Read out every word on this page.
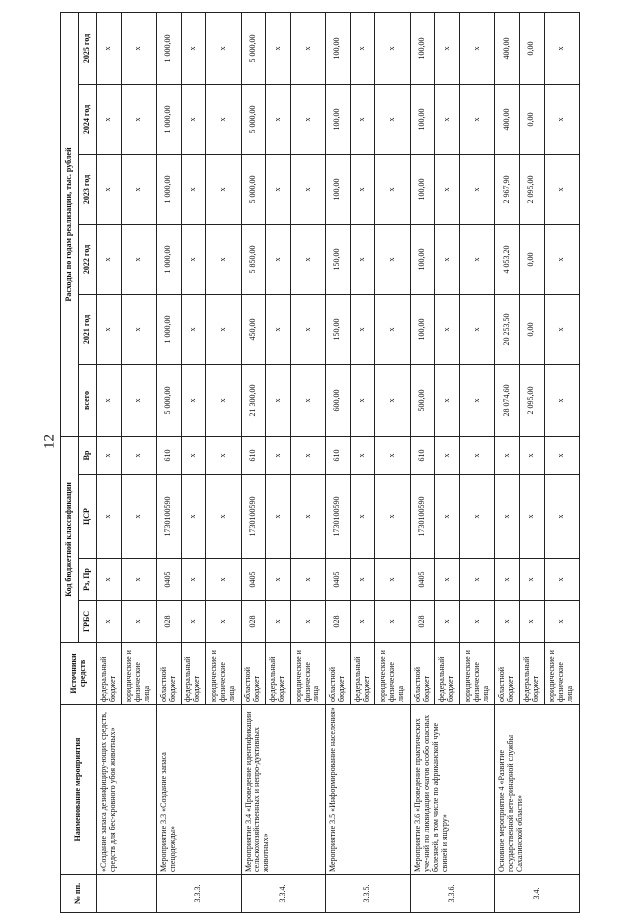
12
№ пп.	Наименование мероприятия	Источники средств	Код бюджетной классификации				Расходы по годам реализации, тыс. рублей					
			ГРБС	Рз, Пр	ЦСР	Вр	всего	2021 год	2022 год	2023 год	2024 год	2025 год
	«Создание запаса дезинфициру-ющих средств, средств для бес-кровного убоя животных»	федеральный бюджет	x	x	x	x	x	x	x	x	x	x
		юридические и физические лица	x	x	x	x	x	x	x	x	x	x
3.3.3.	Мероприятие 3.3 «Создание запаса спецодежды»	областной бюджет	028	0405	1730100590	610	5 000,00	1 000,00	1 000,00	1 000,00	1 000,00	1 000,00
		федеральный бюджет	x	x	x	x	x	x	x	x	x	x
		юридические и физические лица	x	x	x	x	x	x	x	x	x	x
3.3.4.	Мероприятие 3.4 «Проведение идентификации сельскохозяйственных и непро-дуктивных животных»	областной бюджет	028	0405	1730100590	610	21 300,00	450,00	5 850,00	5 000,00	5 000,00	5 000,00
		федеральный бюджет	x	x	x	x	x	x	x	x	x	x
		юридические и физические лица	x	x	x	x	x	x	x	x	x	x
3.3.5.	Мероприятие 3.5 «Информирование населения»	областной бюджет	028	0405	1730100590	610	600,00	150,00	150,00	100,00	100,00	100,00
		федеральный бюджет	x	x	x	x	x	x	x	x	x	x
		юридические и физические лица	x	x	x	x	x	x	x	x	x	x
3.3.6.	Мероприятие 3.6 «Проведение практических уче-ний по ликвидации очагов особо опасных болезней, в том числе по африканской чуме свиней и ящуру»	областной бюджет	028	0405	1730100590	610	500,00	100,00	100,00	100,00	100,00	100,00
		федеральный бюджет	x	x	x	x	x	x	x	x	x	x
		юридические и физические лица	x	x	x	x	x	x	x	x	x	x
3.4.	Основное мероприятие 4 «Развитие государственной вете-ринарной службы Сахалинской области»	областной бюджет	x	x	x	x	28 074,60	20 253,50	4 053,20	2 967,90	400,00	400,00
		федеральный бюджет	x	x	x	x	2 095,00	0,00	0,00	2 095,00	0,00	0,00
		юридические и физические лица	x	x	x	x	x	x	x	x	x	x
